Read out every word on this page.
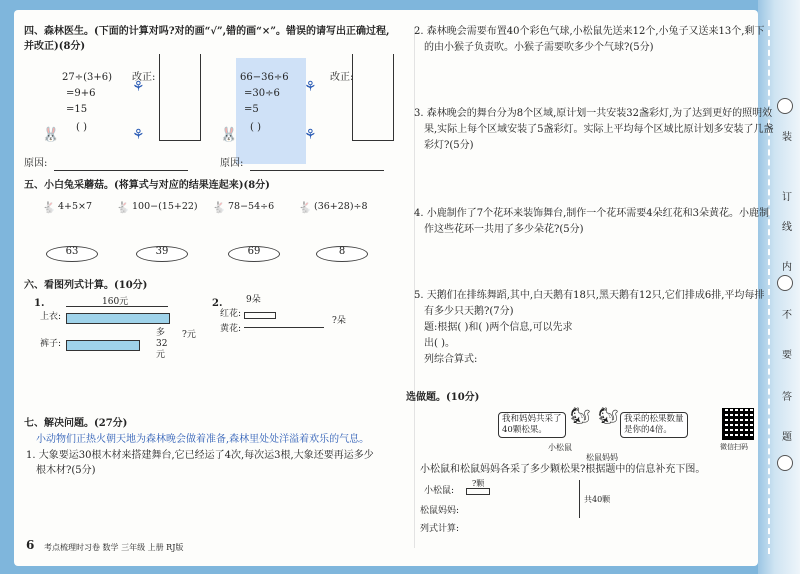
装
订
线
内
不
要
答
题
四、森林医生。(下面的计算对吗?对的画“√”,错的画“×”。错误的请写出正确过程,
并改正)(8分)
27÷(3+6)
=9+6
=15
改正:
( )
⚘
⚘
66−36÷6
=30÷6
=5
改正:
( )
⚘
⚘
🐰	🐰
原因:	原因:
五、小白兔采蘑菇。(将算式与对应的结果连起来)(8分)
🐇 4+5×7 🐇 100−(15+22) 🐇 78−54÷6 🐇 (36+28)÷8
63	39	69	8
六、看图列式计算。(10分)
1.	160元
上衣:
裤子:
多32元
?元
2.	9朵
红花:
黄花:
?朵
七、解决问题。(27分)
小动物们正热火朝天地为森林晚会做着准备,森林里处处洋溢着欢乐的气息。
1. 大象要运30根木材来搭建舞台,它已经运了4次,每次运3根,大象还要再运多少
根木材?(5分)
6 考点梳理时习卷 数学 三年级 上册 RJ版
2. 森林晚会需要布置40个彩色气球,小松鼠先送来12个,小兔子又送来13个,剩下
的由小猴子负责吹。小猴子需要吹多少个气球?(5分)
3. 森林晚会的舞台分为8个区域,原计划一共安装32盏彩灯,为了达到更好的照明效
果,实际上每个区域安装了5盏彩灯。实际上平均每个区域比原计划多安装了几盏
彩灯?(5分)
4. 小鹿制作了7个花环来装饰舞台,制作一个花环需要4朵红花和3朵黄花。小鹿制
作这些花环一共用了多少朵花?(5分)
5. 天鹅们在排练舞蹈,其中,白天鹅有18只,黑天鹅有12只,它们排成6排,平均每排
有多少只天鹅?(7分)
题:根据( )和( )两个信息,可以先求
出( )。
列综合算式:
选做题。(10分)
我和妈妈共采了
40颗松果。
我采的松果数量
是你的4倍。
🐿 🐿
小松鼠
松鼠妈妈
微信扫码
小松鼠和松鼠妈妈各采了多少颗松果?根据题中的信息补充下图。
?颗
小松鼠:
共40颗
松鼠妈妈:
列式计算:
